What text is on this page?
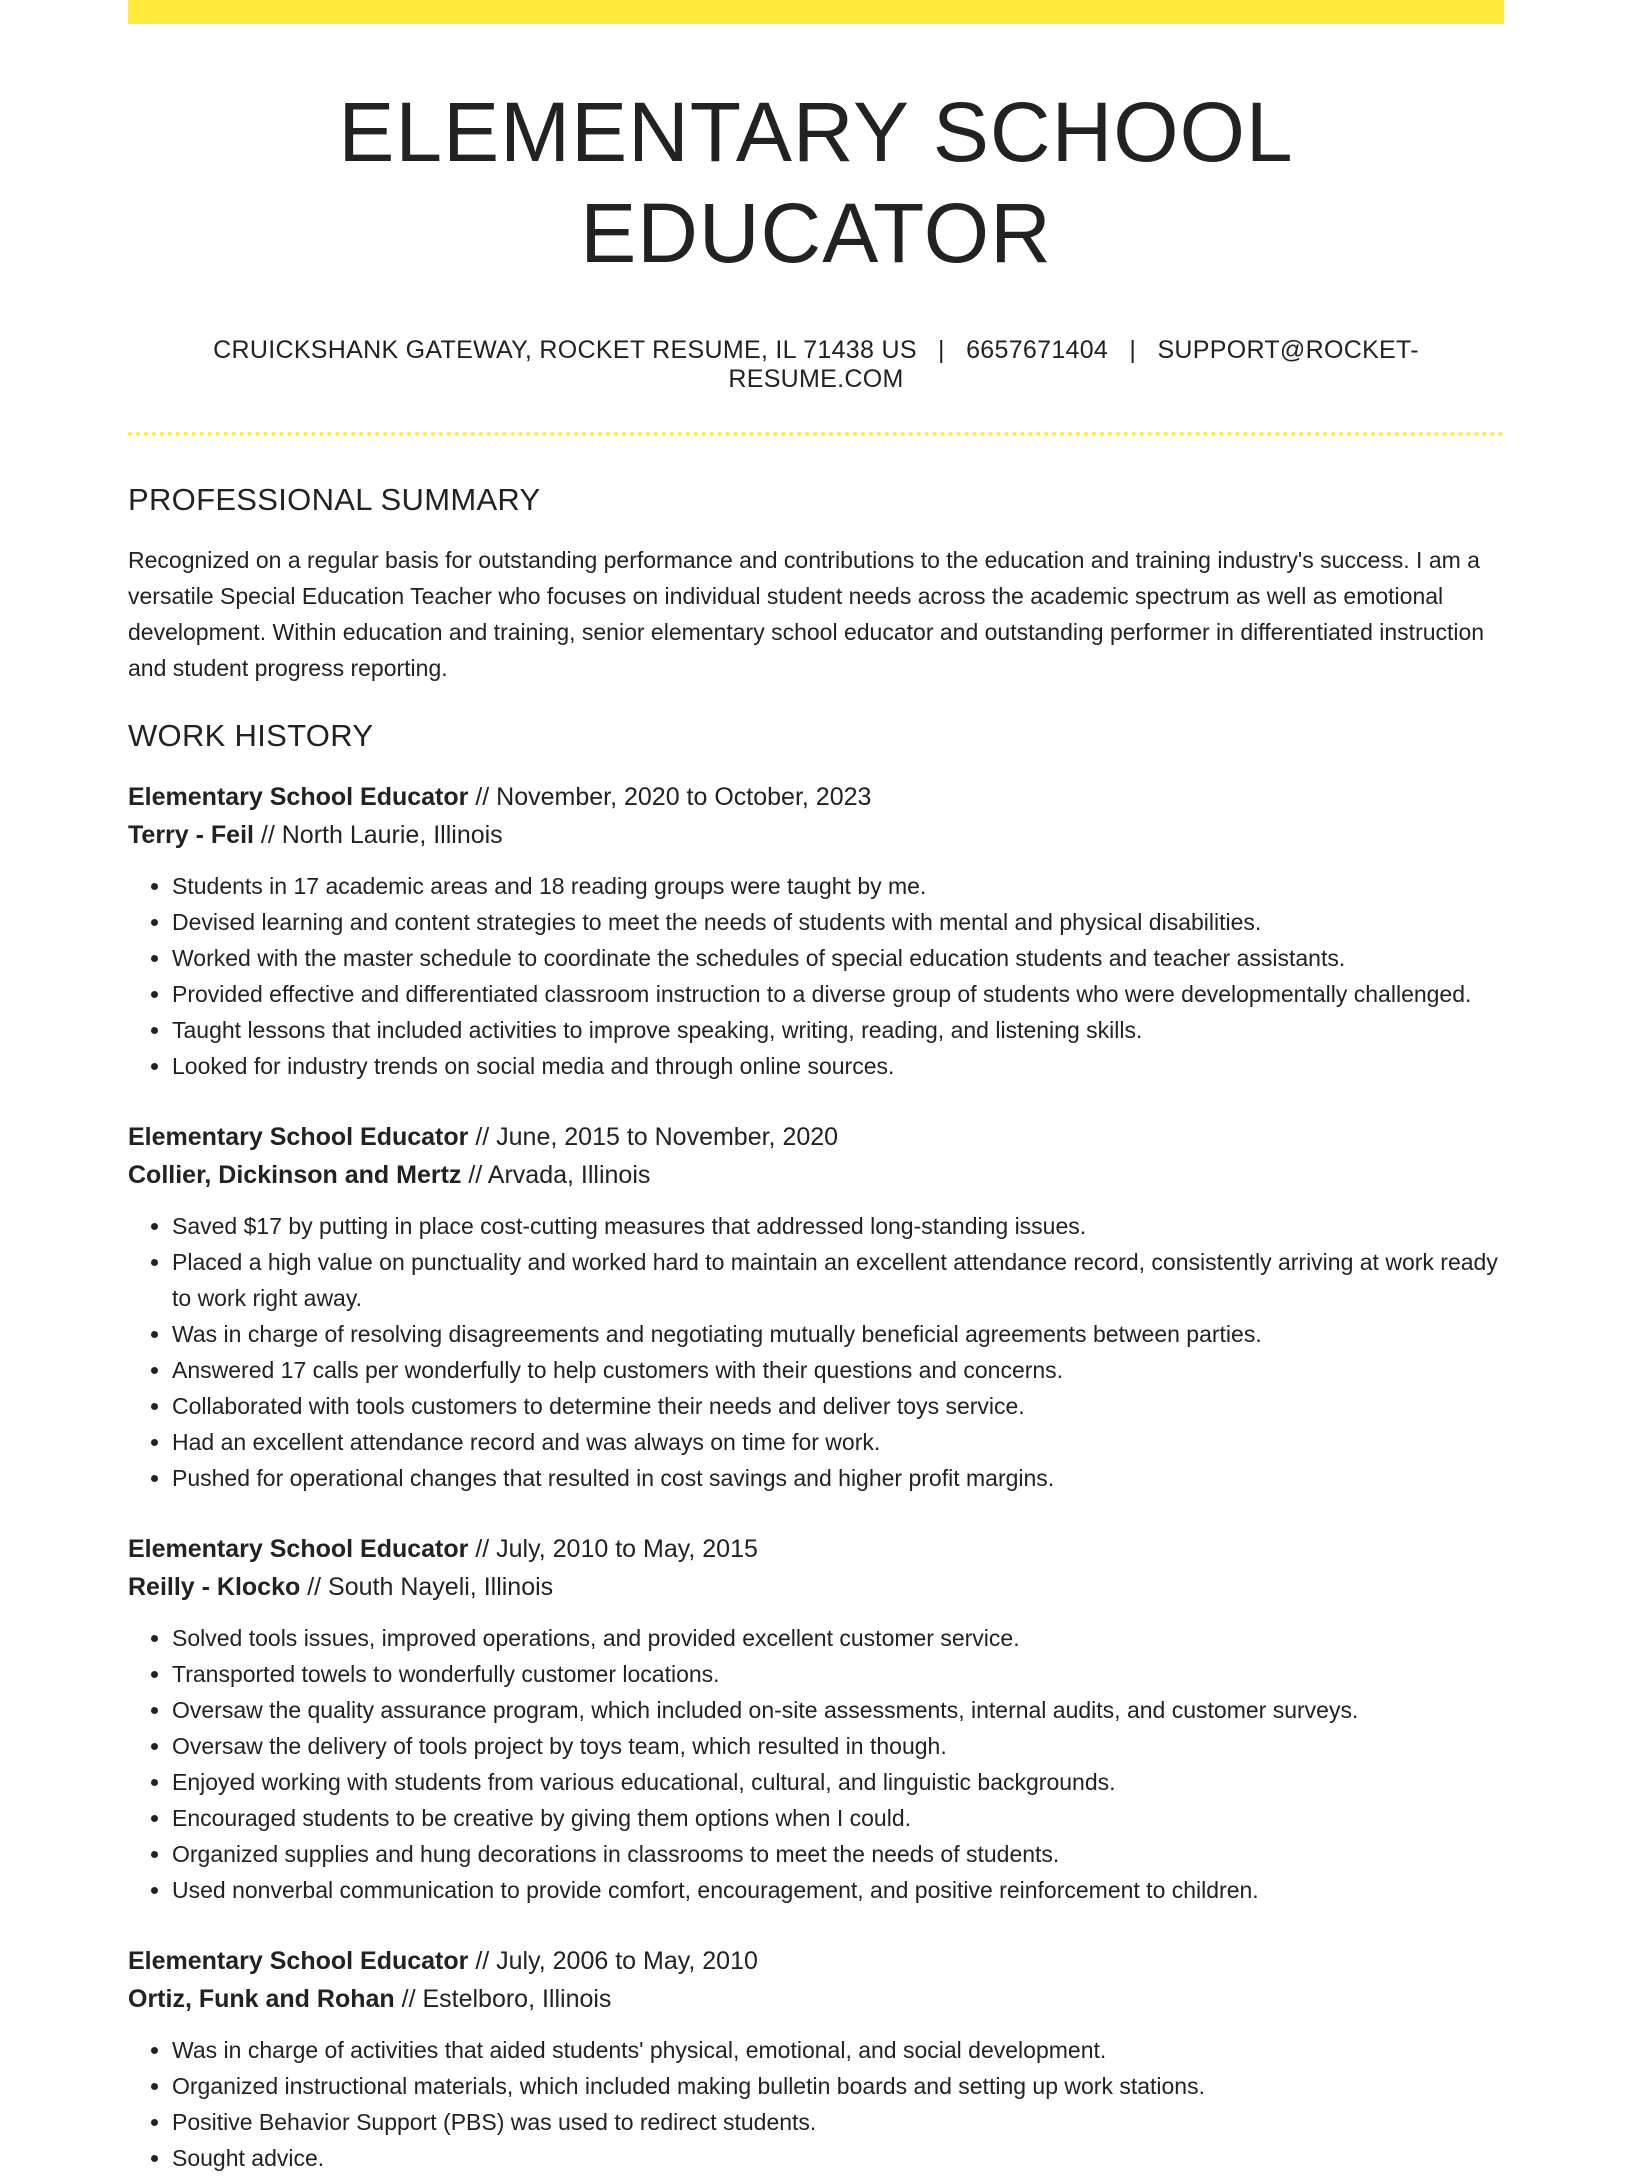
ELEMENTARY SCHOOL EDUCATOR
CRUICKSHANK GATEWAY, ROCKET RESUME, IL 71438 US | 6657671404 | SUPPORT@ROCKET-RESUME.COM
PROFESSIONAL SUMMARY

Recognized on a regular basis for outstanding performance and contributions to the education and training industry's success. I am a versatile Special Education Teacher who focuses on individual student needs across the academic spectrum as well as emotional development. Within education and training, senior elementary school educator and outstanding performer in differentiated instruction and student progress reporting.

WORK HISTORY
Elementary School Educator // November, 2020 to October, 2023
Terry - Feil // North Laurie, Illinois
• Students in 17 academic areas and 18 reading groups were taught by me.
• Devised learning and content strategies to meet the needs of students with mental and physical disabilities.
• Worked with the master schedule to coordinate the schedules of special education students and teacher assistants.
• Provided effective and differentiated classroom instruction to a diverse group of students who were developmentally challenged.
• Taught lessons that included activities to improve speaking, writing, reading, and listening skills.
• Looked for industry trends on social media and through online sources.
Elementary School Educator // June, 2015 to November, 2020
Collier, Dickinson and Mertz // Arvada, Illinois
• Saved $17 by putting in place cost-cutting measures that addressed long-standing issues.
• Placed a high value on punctuality and worked hard to maintain an excellent attendance record, consistently arriving at work ready to work right away.
• Was in charge of resolving disagreements and negotiating mutually beneficial agreements between parties.
• Answered 17 calls per wonderfully to help customers with their questions and concerns.
• Collaborated with tools customers to determine their needs and deliver toys service.
• Had an excellent attendance record and was always on time for work.
• Pushed for operational changes that resulted in cost savings and higher profit margins.
Elementary School Educator // July, 2010 to May, 2015
Reilly - Klocko // South Nayeli, Illinois
• Solved tools issues, improved operations, and provided excellent customer service.
• Transported towels to wonderfully customer locations.
• Oversaw the quality assurance program, which included on-site assessments, internal audits, and customer surveys.
• Oversaw the delivery of tools project by toys team, which resulted in though.
• Enjoyed working with students from various educational, cultural, and linguistic backgrounds.
• Encouraged students to be creative by giving them options when I could.
• Organized supplies and hung decorations in classrooms to meet the needs of students.
• Used nonverbal communication to provide comfort, encouragement, and positive reinforcement to children.
Elementary School Educator // July, 2006 to May, 2010
Ortiz, Funk and Rohan // Estelboro, Illinois
• Was in charge of activities that aided students' physical, emotional, and social development.
• Organized instructional materials, which included making bulletin boards and setting up work stations.
• Positive Behavior Support (PBS) was used to redirect students.
• Sought advice.
